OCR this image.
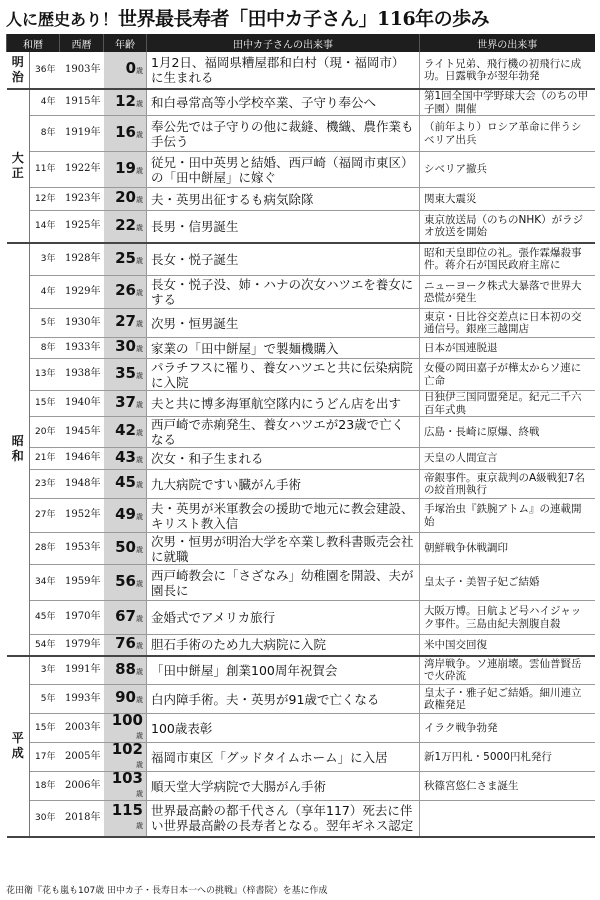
人に歴史あり！世界最長寿者「田中カ子さん」116年の歩み
和暦		西暦	年齢	田中カ子さんの出来事	世界の出来事
明治	36年	1903年	0歳	1月2日、福岡県糟屋郡和白村（現・福岡市）に生まれる	ライト兄弟、飛行機の初飛行に成功。日露戦争が翌年勃発
大正	4年	1915年	12歳	和白尋常高等小学校卒業、子守り奉公へ	第1回全国中学野球大会（のちの甲子園）開催
	8年	1919年	16歳	奉公先では子守りの他に裁縫、機織、農作業も手伝う	（前年より）ロシア革命に伴うシベリア出兵
	11年	1922年	19歳	従兄・田中英男と結婚、西戸崎（福岡市東区）の「田中餅屋」に嫁ぐ	シベリア撤兵
	12年	1923年	20歳	夫・英男出征するも病気除隊	関東大震災
	14年	1925年	22歳	長男・信男誕生	東京放送局（のちのNHK）がラジオ放送を開始
昭和	3年	1928年	25歳	長女・悦子誕生	昭和天皇即位の礼。張作霖爆殺事件。蒋介石が国民政府主席に
	4年	1929年	26歳	長女・悦子没、姉・ハナの次女ハツエを養女にする	ニューヨーク株式大暴落で世界大恐慌が発生
	5年	1930年	27歳	次男・恒男誕生	東京・日比谷交差点に日本初の交通信号。銀座三越開店
	8年	1933年	30歳	家業の「田中餅屋」で製麺機購入	日本が国連脱退
	13年	1938年	35歳	パラチフスに罹り、養女ハツエと共に伝染病院に入院	女優の岡田嘉子が樺太からソ連に亡命
	15年	1940年	37歳	夫と共に博多海軍航空隊内にうどん店を出す	日独伊三国同盟発足。紀元二千六百年式典
	20年	1945年	42歳	西戸崎で赤痢発生、養女ハツエが23歳で亡くなる	広島・長崎に原爆、終戦
	21年	1946年	43歳	次女・和子生まれる	天皇の人間宣言
	23年	1948年	45歳	九大病院ですい臓がん手術	帝銀事件。東京裁判のA級戦犯7名の絞首刑執行
	27年	1952年	49歳	夫・英男が米軍教会の援助で地元に教会建設、キリスト教入信	手塚治虫『鉄腕アトム』の連載開始
	28年	1953年	50歳	次男・恒男が明治大学を卒業し教科書販売会社に就職	朝鮮戦争休戦調印
	34年	1959年	56歳	西戸崎教会に「さざなみ」幼稚園を開設、夫が園長に	皇太子・美智子妃ご結婚
	45年	1970年	67歳	金婚式でアメリカ旅行	大阪万博。日航よど号ハイジャック事件。三島由紀夫割腹自殺
	54年	1979年	76歳	胆石手術のため九大病院に入院	米中国交回復
平成	3年	1991年	88歳	「田中餅屋」創業100周年祝賀会	湾岸戦争。ソ連崩壊。雲仙普賢岳で火砕流
	5年	1993年	90歳	白内障手術。夫・英男が91歳で亡くなる	皇太子・雅子妃ご結婚。細川連立政権発足
	15年	2003年	100歳	100歳表彰	イラク戦争勃発
	17年	2005年	102歳	福岡市東区「グッドタイムホーム」に入居	新1万円札・5000円札発行
	18年	2006年	103歳	順天堂大学病院で大腸がん手術	秋篠宮悠仁さま誕生
	30年	2018年	115歳	世界最高齢の都千代さん（享年117）死去に伴い世界最高齢の長寿者となる。翌年ギネス認定	
花田衛『花も嵐も107歳 田中カ子・長寿日本一への挑戦』（梓書院）を基に作成
